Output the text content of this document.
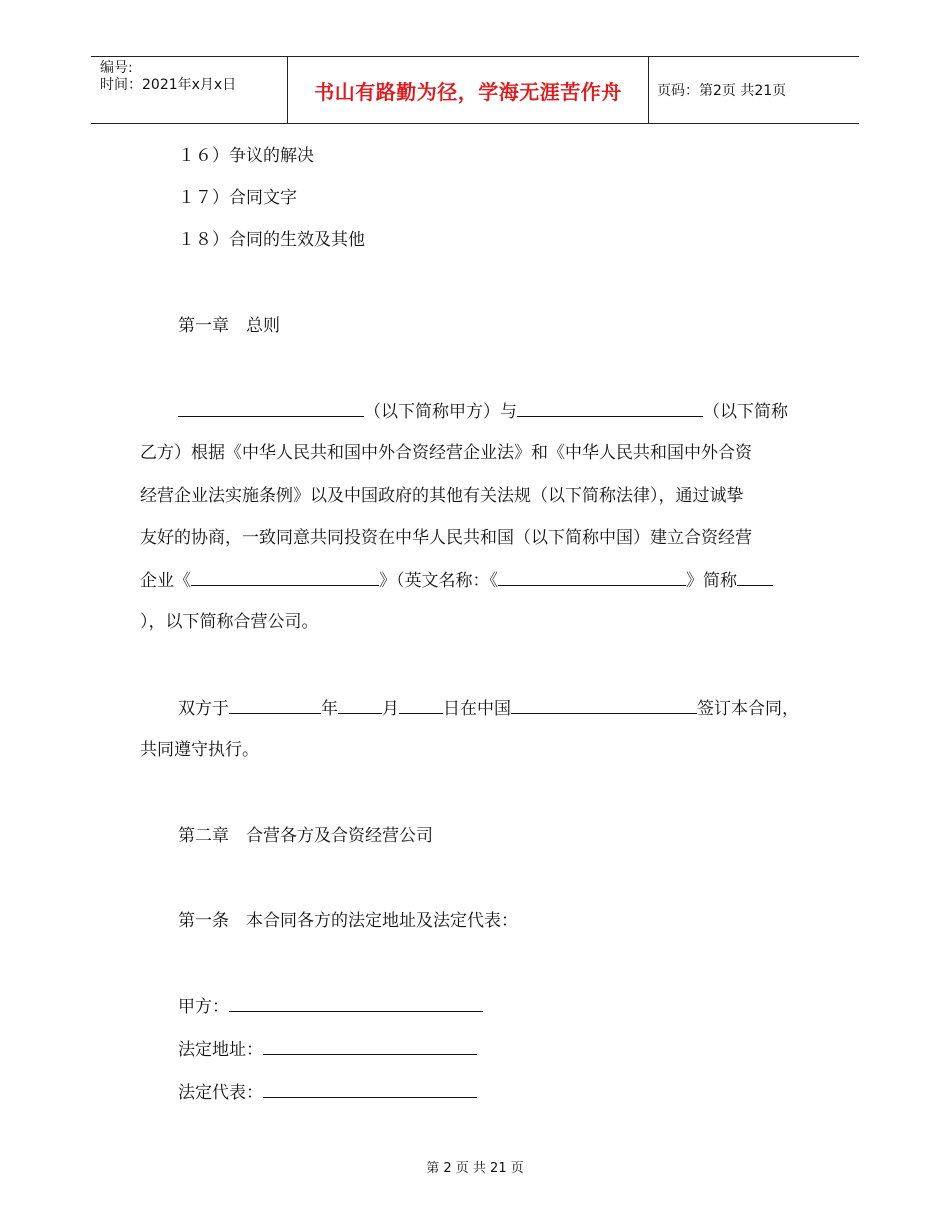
编号:
时间：2021年x月x日	书山有路勤为径，学海无涯苦作舟	页码：第2页 共21页
１６）争议的解决
１７）合同文字
１８）合同的生效及其他
第一章　总则
（以下简称甲方）与	（以下简称
乙方）根据《中华人民共和国中外合资经营企业法》和《中华人民共和国中外合资
经营企业法实施条例》以及中国政府的其他有关法规（以下简称法律），通过诚挚
友好的协商，一致同意共同投资在中华人民共和国（以下简称中国）建立合资经营
企业《	》（英文名称：《	》简称
），以下简称合营公司。
双方于	年	月	日在中国	签订本合同，
共同遵守执行。
第二章　合营各方及合资经营公司
第一条　本合同各方的法定地址及法定代表：
甲方：
法定地址：
法定代表：
第 2 页 共 21 页
